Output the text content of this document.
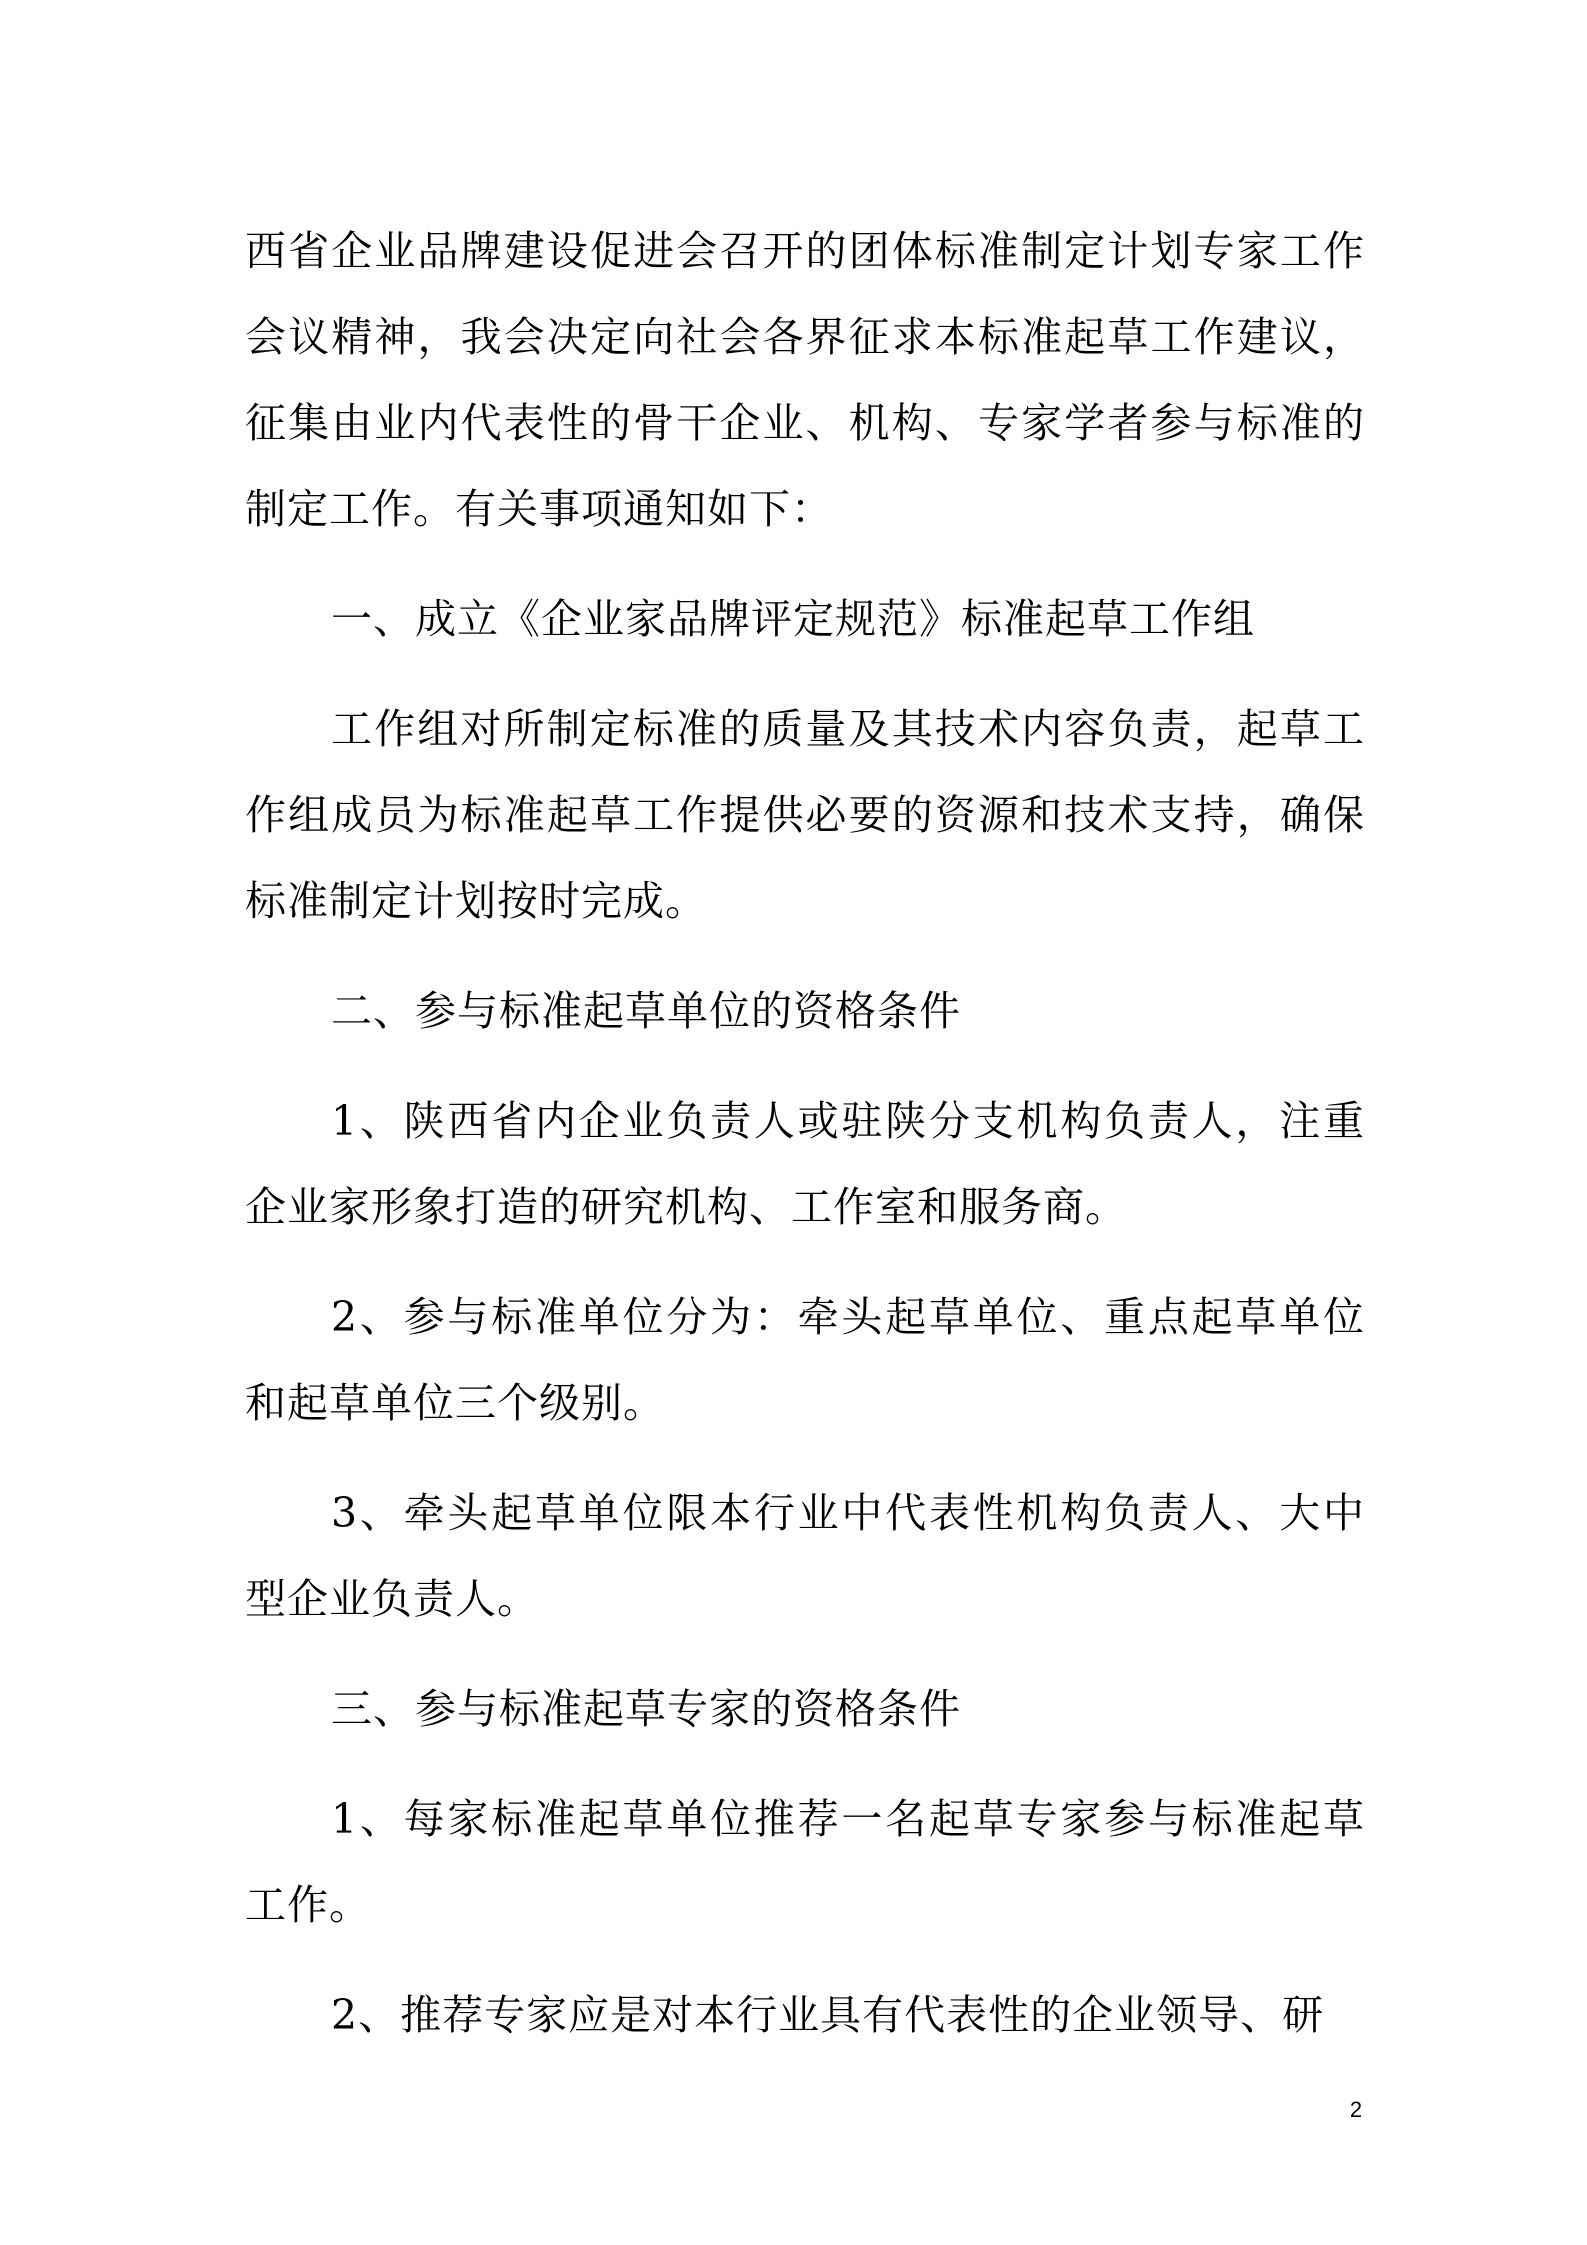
西省企业品牌建设促进会召开的团体标准制定计划专家工作会议精神，我会决定向社会各界征求本标准起草工作建议，征集由业内代表性的骨干企业、机构、专家学者参与标准的制定工作。有关事项通知如下：

一、成立《企业家品牌评定规范》标准起草工作组

工作组对所制定标准的质量及其技术内容负责，起草工作组成员为标准起草工作提供必要的资源和技术支持，确保标准制定计划按时完成。

二、参与标准起草单位的资格条件

1、陕西省内企业负责人或驻陕分支机构负责人，注重企业家形象打造的研究机构、工作室和服务商。

2、参与标准单位分为：牵头起草单位、重点起草单位和起草单位三个级别。

3、牵头起草单位限本行业中代表性机构负责人、大中型企业负责人。

三、参与标准起草专家的资格条件

1、每家标准起草单位推荐一名起草专家参与标准起草工作。

2、推荐专家应是对本行业具有代表性的企业领导、研

2
